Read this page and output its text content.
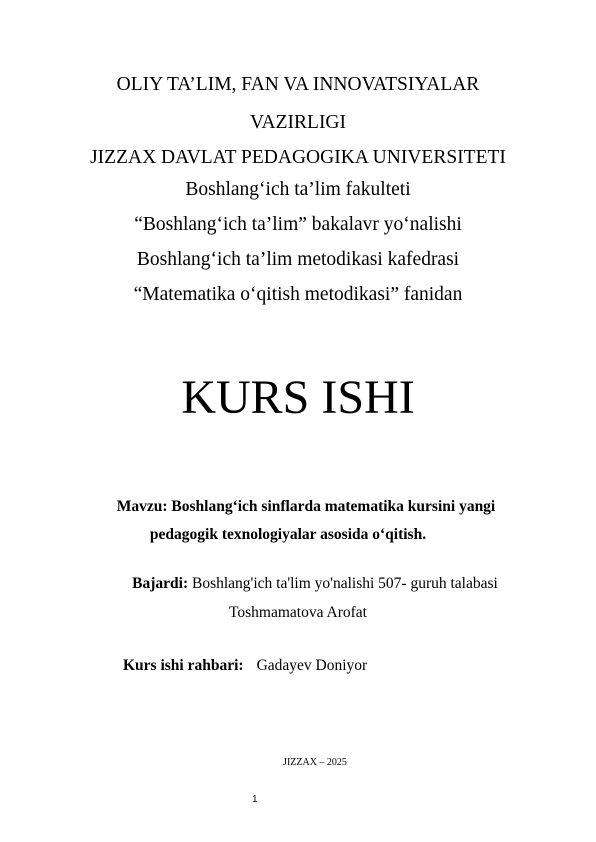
OLIY TA’LIM, FAN VA INNOVATSIYALAR
VAZIRLIGI
JIZZAX DAVLAT PEDAGOGIKA UNIVERSITETI
Boshlang‘ich ta’lim fakulteti
“Boshlang‘ich ta’lim” bakalavr yo‘nalishi
Boshlang‘ich ta’lim metodikasi kafedrasi
“Matematika o‘qitish metodikasi” fanidan
KURS ISHI
Mavzu: Boshlang‘ich sinflarda matematika kursini yangi
pedagogik texnologiyalar asosida o‘qitish.
Bajardi: Boshlang'ich ta'lim yo'nalishi 507- guruh talabasi
Toshmamatova Arofat
Kurs ishi rahbari: Gadayev Doniyor
JIZZAX – 2025
1
